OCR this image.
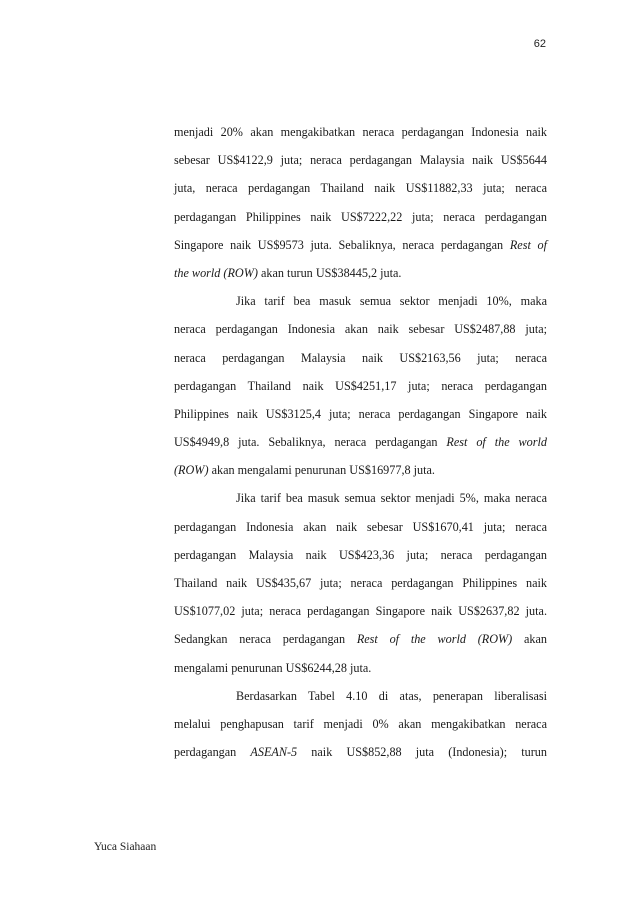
62
menjadi 20% akan mengakibatkan neraca perdagangan Indonesia naik
sebesar US$4122,9 juta; neraca perdagangan Malaysia naik US$5644
juta, neraca perdagangan Thailand naik US$11882,33 juta; neraca
perdagangan Philippines naik US$7222,22 juta; neraca perdagangan
Singapore naik US$9573 juta. Sebaliknya, neraca perdagangan Rest of
the world (ROW) akan turun US$38445,2 juta.
Jika tarif bea masuk semua sektor menjadi 10%, maka
neraca perdagangan Indonesia akan naik sebesar US$2487,88 juta;
neraca perdagangan Malaysia naik US$2163,56 juta; neraca
perdagangan Thailand naik US$4251,17 juta; neraca perdagangan
Philippines naik US$3125,4 juta; neraca perdagangan Singapore naik
US$4949,8 juta. Sebaliknya, neraca perdagangan Rest of the world
(ROW) akan mengalami penurunan US$16977,8 juta.
Jika tarif bea masuk semua sektor menjadi 5%, maka neraca
perdagangan Indonesia akan naik sebesar US$1670,41 juta; neraca
perdagangan Malaysia naik US$423,36 juta; neraca perdagangan
Thailand naik US$435,67 juta; neraca perdagangan Philippines naik
US$1077,02 juta; neraca perdagangan Singapore naik US$2637,82 juta.
Sedangkan neraca perdagangan Rest of the world (ROW) akan
mengalami penurunan US$6244,28 juta.
Berdasarkan Tabel 4.10 di atas, penerapan liberalisasi
melalui penghapusan tarif menjadi 0% akan mengakibatkan neraca
perdagangan ASEAN-5 naik US$852,88 juta (Indonesia); turun
Yuca Siahaan
